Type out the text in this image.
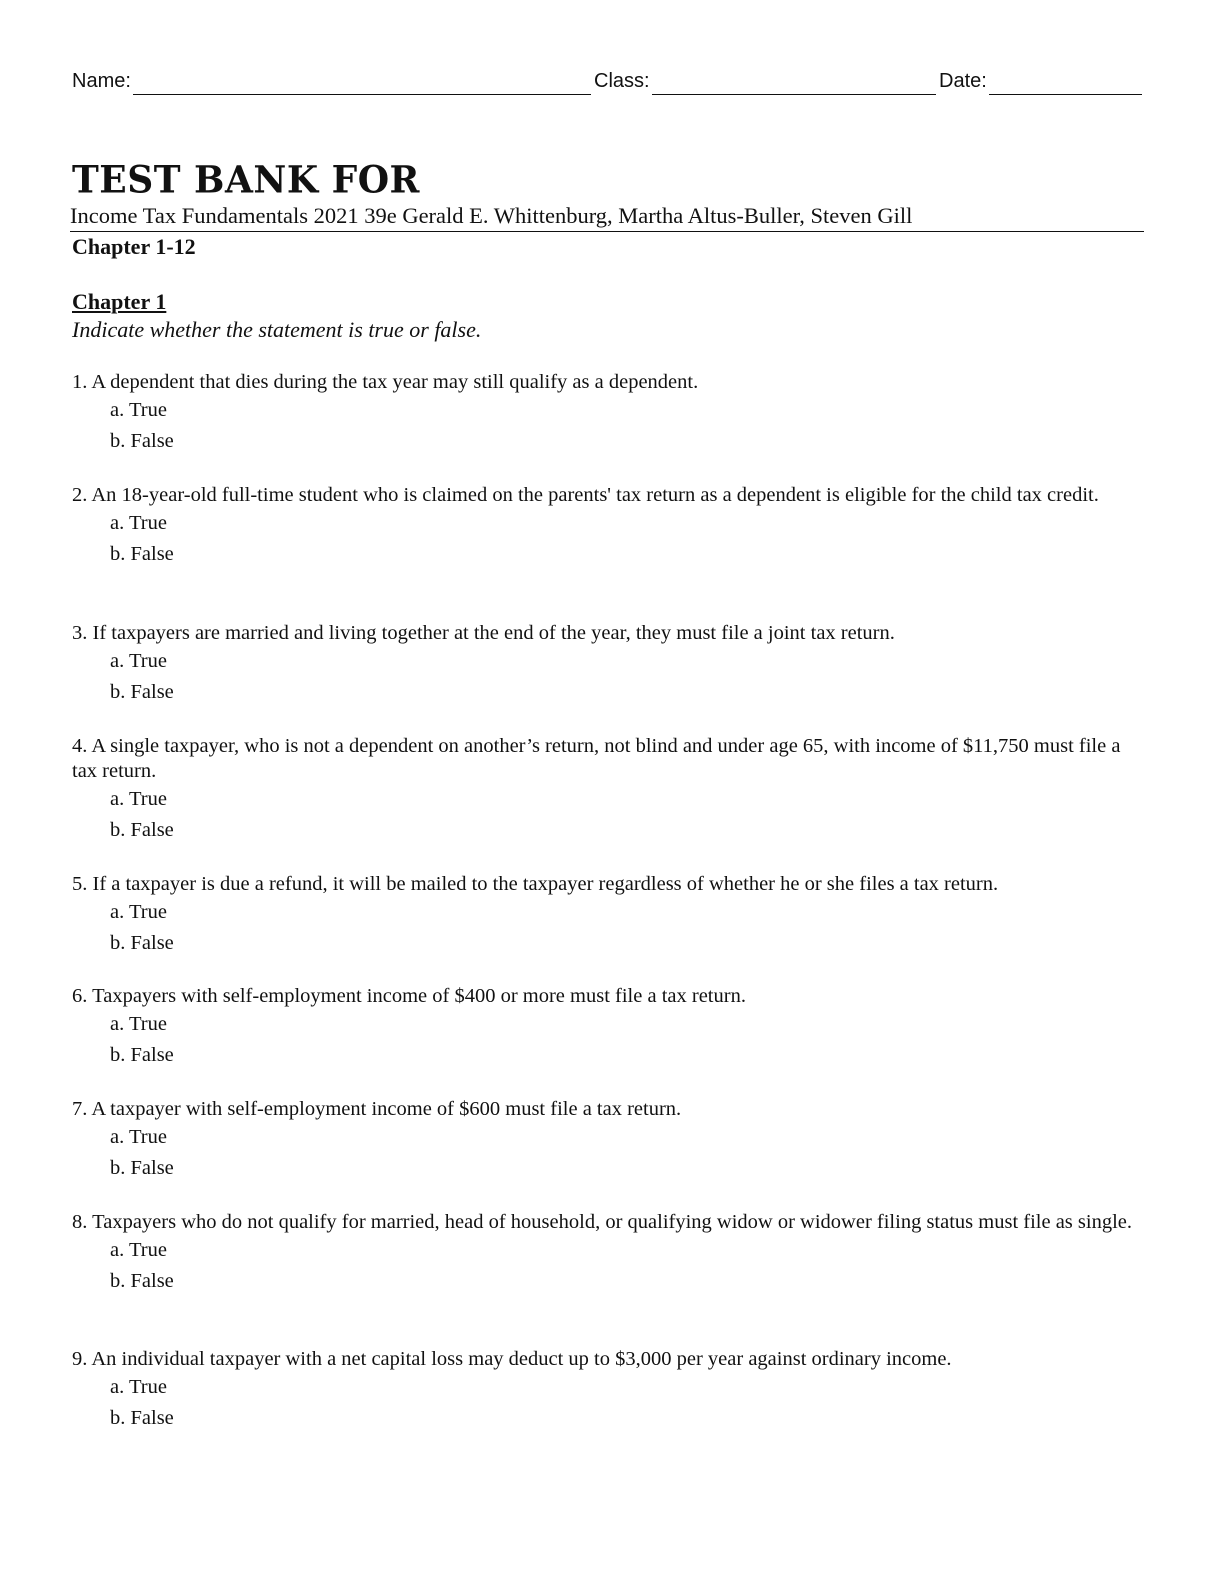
Name:	Class:	Date:
TEST BANK FOR
Income Tax Fundamentals 2021 39e Gerald E. Whittenburg, Martha Altus-Buller, Steven Gill
Chapter 1-12
Chapter 1
Indicate whether the statement is true or false.

1. A dependent that dies during the tax year may still qualify as a dependent.

a. True
b. False

2. An 18-year-old full-time student who is claimed on the parents' tax return as a dependent is eligible for the child tax credit.

a. True
b. False

3. If taxpayers are married and living together at the end of the year, they must file a joint tax return.

a. True
b. False

4. A single taxpayer, who is not a dependent on another’s return, not blind and under age 65, with income of $11,750 must file a tax return.

a. True
b. False

5. If a taxpayer is due a refund, it will be mailed to the taxpayer regardless of whether he or she files a tax return.

a. True
b. False

6. Taxpayers with self-employment income of $400 or more must file a tax return.

a. True
b. False

7. A taxpayer with self-employment income of $600 must file a tax return.

a. True
b. False

8. Taxpayers who do not qualify for married, head of household, or qualifying widow or widower filing status must file as single.

a. True
b. False

9. An individual taxpayer with a net capital loss may deduct up to $3,000 per year against ordinary income.

a. True
b. False
